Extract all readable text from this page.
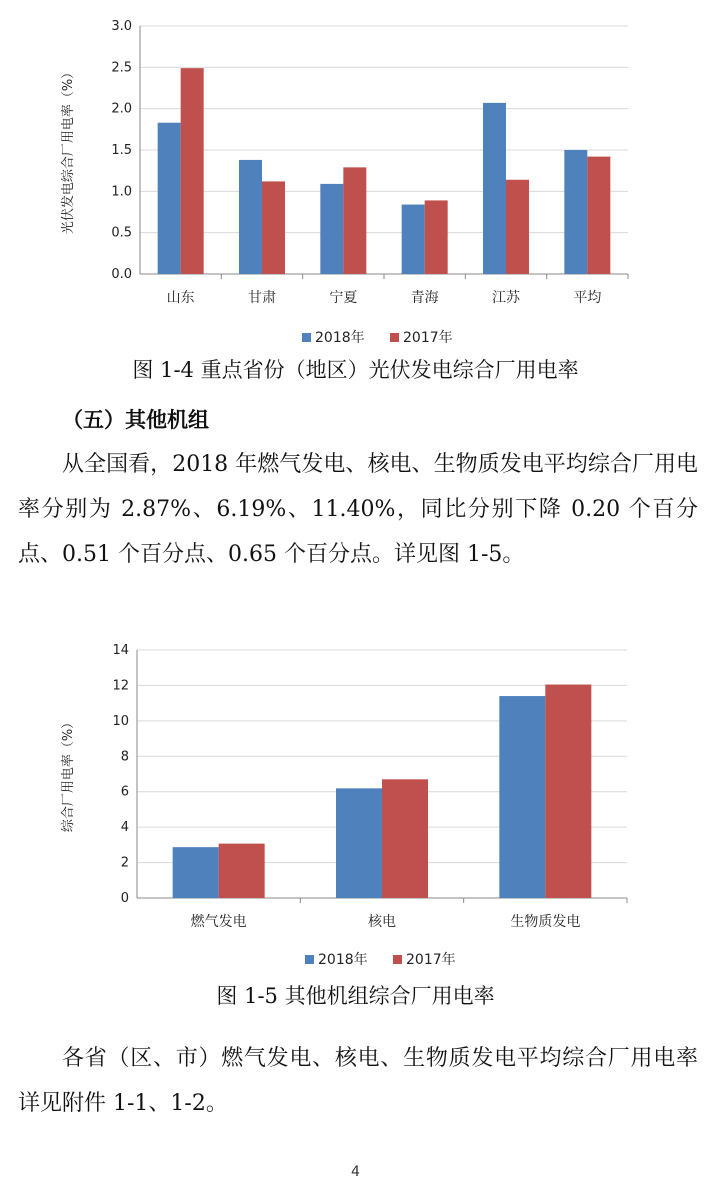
0.0
0.5
1.0
1.5
2.0
2.5
3.0
光伏发电综合厂用电率（%）
山东	甘肃	宁夏	青海	江苏	平均
2018年	2017年
图 1-4 重点省份（地区）光伏发电综合厂用电率
（五）其他机组

从全国看，2018 年燃气发电、核电、生物质发电平均综合厂用电率分别为 2.87%、6.19%、11.40%，同比分别下降 0.20 个百分点、0.51 个百分点、0.65 个百分点。详见图 1-5。

0
2
4
6
8
10
12
14
综合厂用电率（%）
燃气发电	核电	生物质发电
2018年	2017年
图 1-5 其他机组综合厂用电率

各省（区、市）燃气发电、核电、生物质发电平均综合厂用电率详见附件 1-1、1-2。

4
